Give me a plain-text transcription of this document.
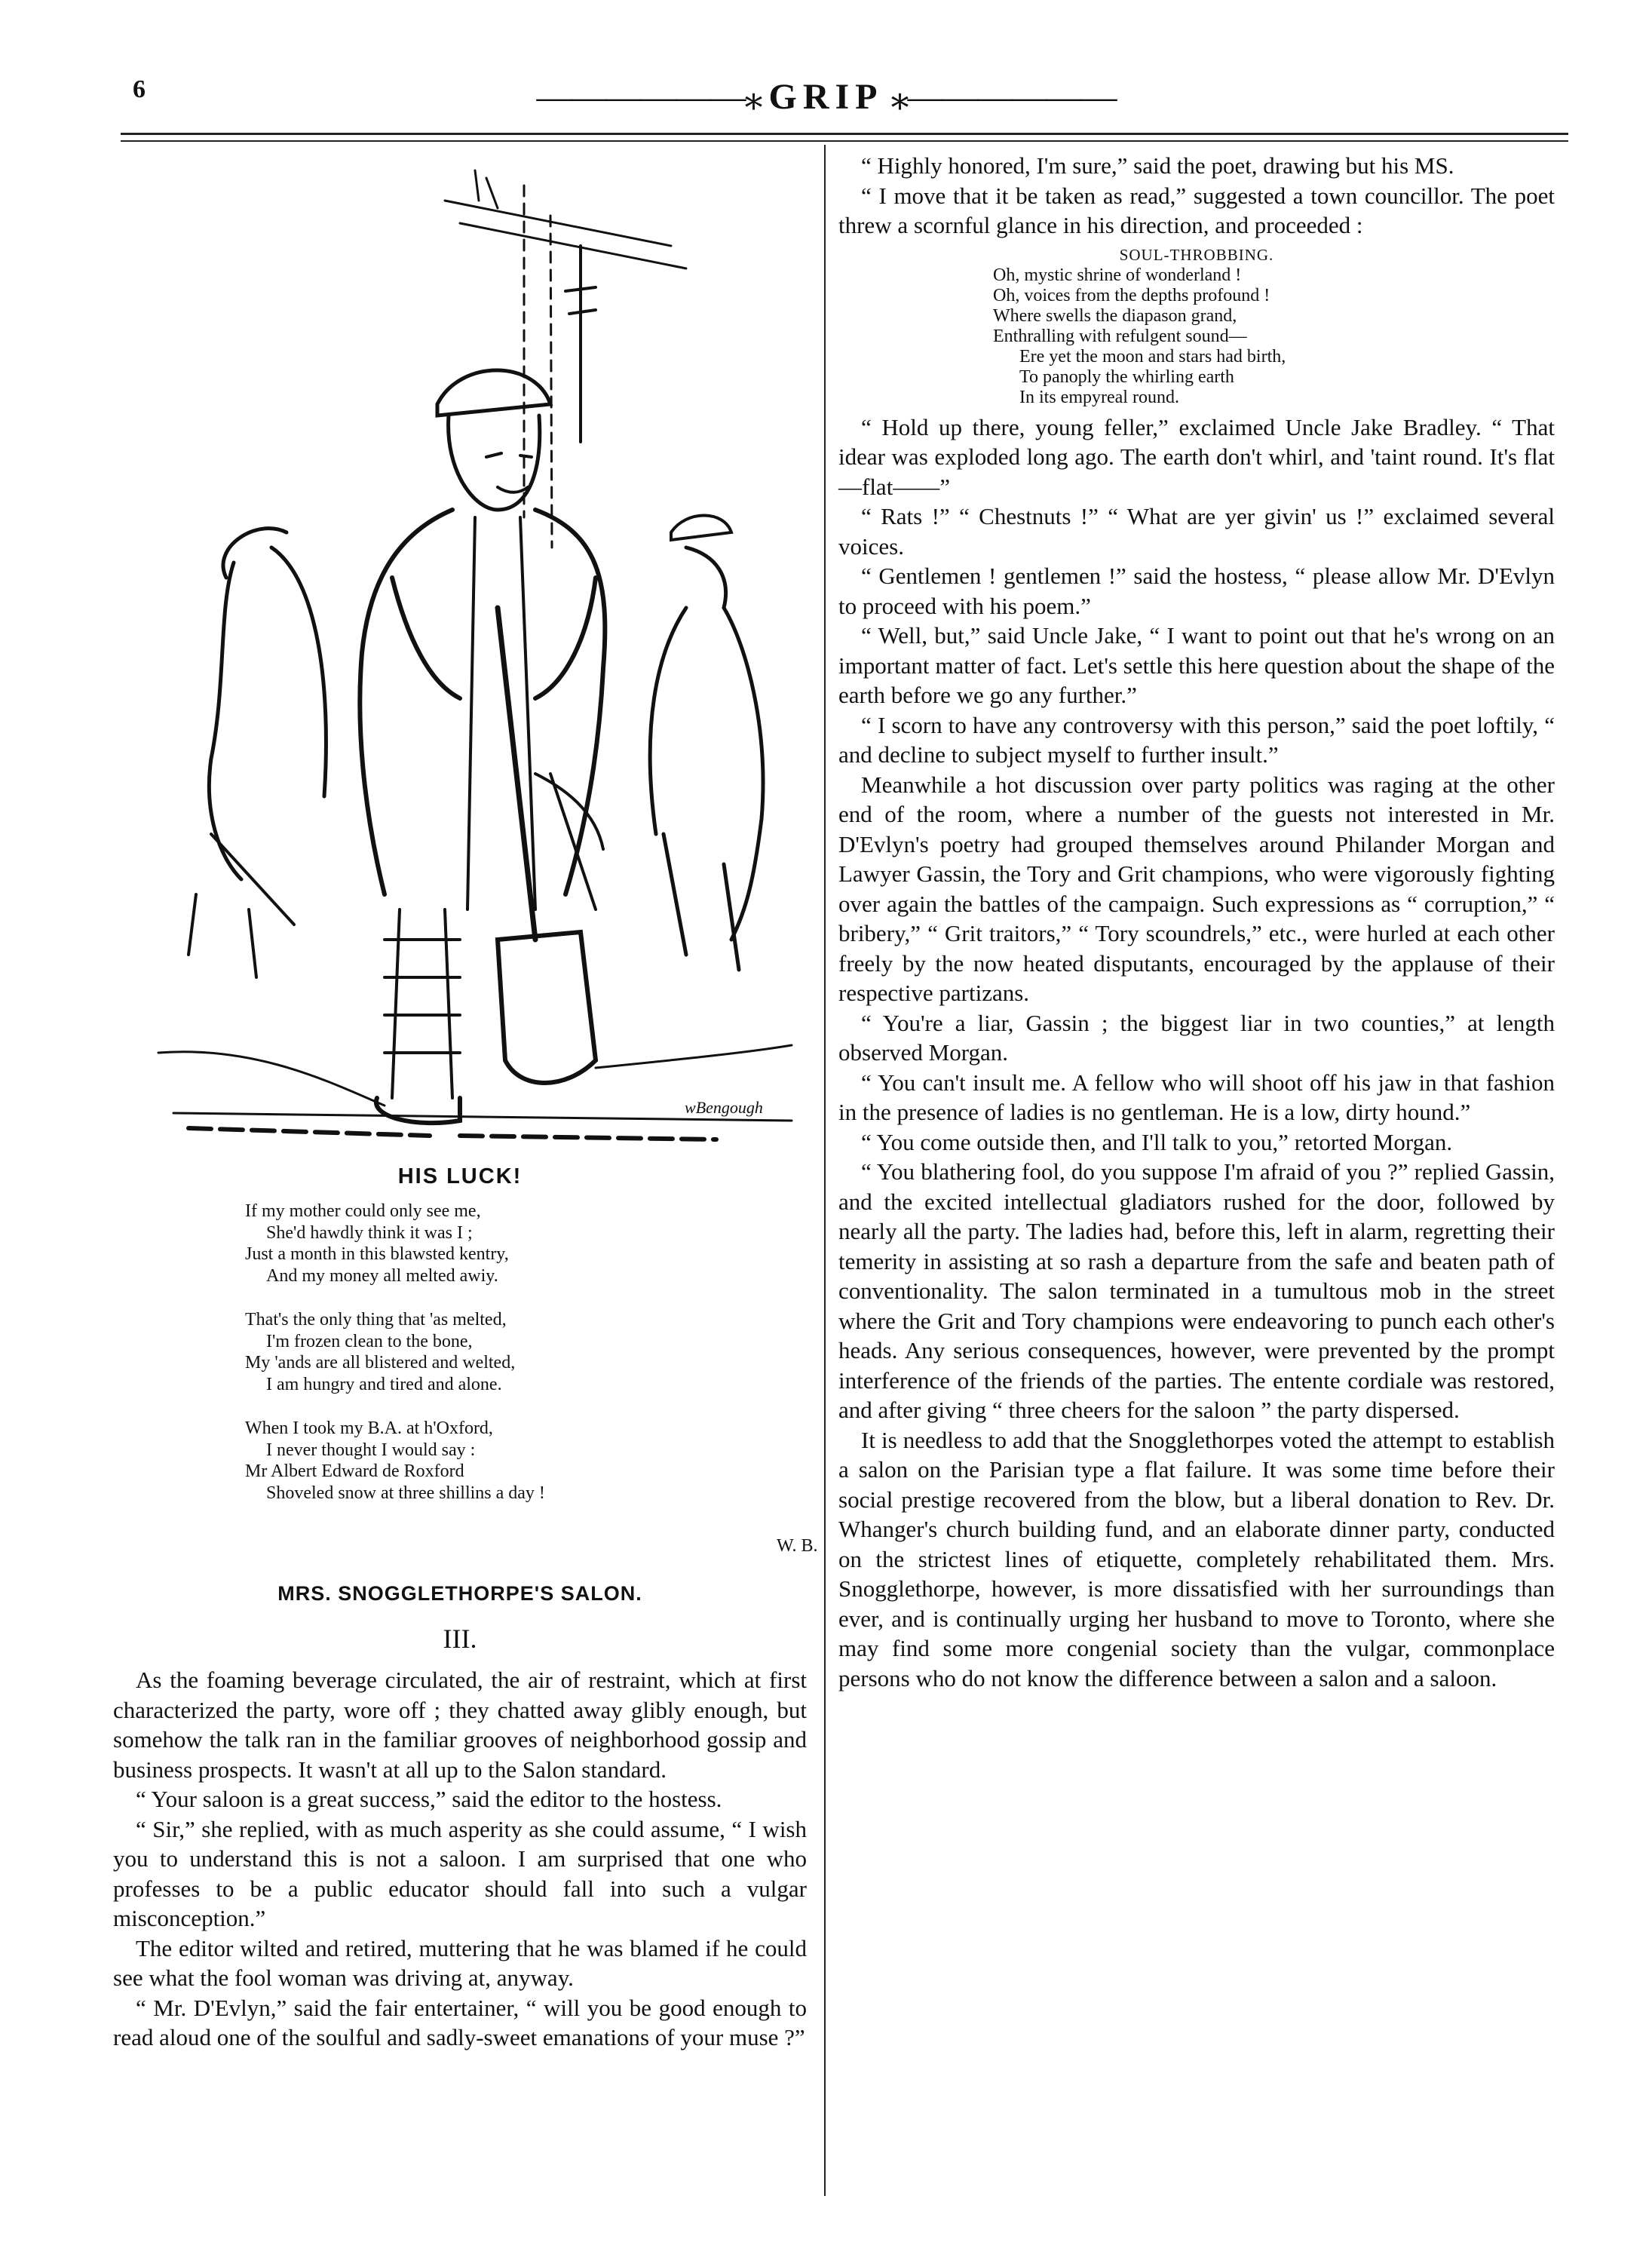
6	——————⁎ GRIP ⁎——————
wBengough
HIS LUCK!
If my mother could only see me,
She'd hawdly think it was I ;
Just a month in this blawsted kentry,
And my money all melted awiy.
That's the only thing that 'as melted,
I'm frozen clean to the bone,
My 'ands are all blistered and welted,
I am hungry and tired and alone.
When I took my B.A. at h'Oxford,
I never thought I would say :
Mr Albert Edward de Roxford
Shoveled snow at three shillins a day !
W. B.
MRS. SNOGGLETHORPE'S SALON.
III.

As the foaming beverage circulated, the air of restraint, which at first characterized the party, wore off ; they chatted away glibly enough, but somehow the talk ran in the familiar grooves of neighborhood gossip and business prospects. It wasn't at all up to the Salon standard.

“ Your saloon is a great success,” said the editor to the hostess.

“ Sir,” she replied, with as much asperity as she could assume, “ I wish you to understand this is not a saloon. I am surprised that one who professes to be a public educator should fall into such a vulgar misconception.”

The editor wilted and retired, muttering that he was blamed if he could see what the fool woman was driving at, anyway.

“ Mr. D'Evlyn,” said the fair entertainer, “ will you be good enough to read aloud one of the soulful and sadly-sweet emanations of your muse ?”

“ Highly honored, I'm sure,” said the poet, drawing but his MS.

“ I move that it be taken as read,” suggested a town councillor. The poet threw a scornful glance in his direction, and proceeded :

SOUL-THROBBING.
Oh, mystic shrine of wonderland !
Oh, voices from the depths profound !
Where swells the diapason grand,
Enthralling with refulgent sound—
Ere yet the moon and stars had birth,
To panoply the whirling earth
In its empyreal round.

“ Hold up there, young feller,” exclaimed Uncle Jake Bradley. “ That idear was exploded long ago. The earth don't whirl, and 'taint round. It's flat—flat——”

“ Rats !” “ Chestnuts !” “ What are yer givin' us !” exclaimed several voices.

“ Gentlemen ! gentlemen !” said the hostess, “ please allow Mr. D'Evlyn to proceed with his poem.”

“ Well, but,” said Uncle Jake, “ I want to point out that he's wrong on an important matter of fact. Let's settle this here question about the shape of the earth before we go any further.”

“ I scorn to have any controversy with this person,” said the poet loftily, “ and decline to subject myself to further insult.”

Meanwhile a hot discussion over party politics was raging at the other end of the room, where a number of the guests not interested in Mr. D'Evlyn's poetry had grouped themselves around Philander Morgan and Lawyer Gassin, the Tory and Grit champions, who were vigorously fighting over again the battles of the campaign. Such expressions as “ corruption,” “ bribery,” “ Grit traitors,” “ Tory scoundrels,” etc., were hurled at each other freely by the now heated disputants, encouraged by the applause of their respective partizans.

“ You're a liar, Gassin ; the biggest liar in two counties,” at length observed Morgan.

“ You can't insult me. A fellow who will shoot off his jaw in that fashion in the presence of ladies is no gentleman. He is a low, dirty hound.”

“ You come outside then, and I'll talk to you,” retorted Morgan.

“ You blathering fool, do you suppose I'm afraid of you ?” replied Gassin, and the excited intellectual gladiators rushed for the door, followed by nearly all the party. The ladies had, before this, left in alarm, regretting their temerity in assisting at so rash a departure from the safe and beaten path of conventionality. The salon terminated in a tumultous mob in the street where the Grit and Tory champions were endeavoring to punch each other's heads. Any serious consequences, however, were prevented by the prompt interference of the friends of the parties. The entente cordiale was restored, and after giving “ three cheers for the saloon ” the party dispersed.

It is needless to add that the Snogglethorpes voted the attempt to establish a salon on the Parisian type a flat failure. It was some time before their social prestige recovered from the blow, but a liberal donation to Rev. Dr. Whanger's church building fund, and an elaborate dinner party, conducted on the strictest lines of etiquette, completely rehabilitated them. Mrs. Snogglethorpe, however, is more dissatisfied with her surroundings than ever, and is continually urging her husband to move to Toronto, where she may find some more congenial society than the vulgar, commonplace persons who do not know the difference between a salon and a saloon.
